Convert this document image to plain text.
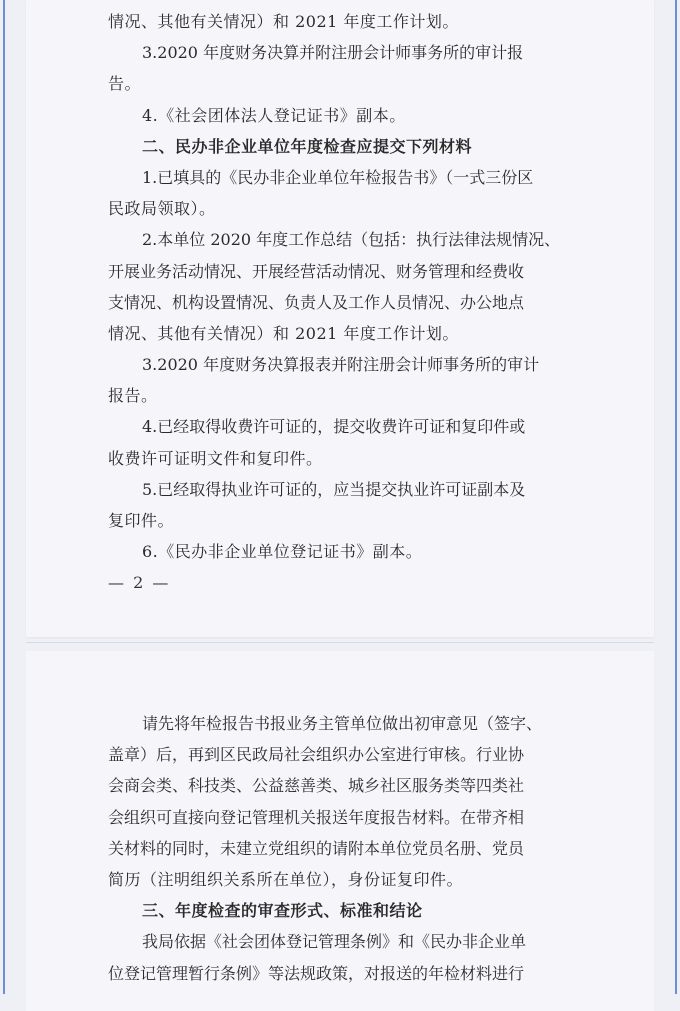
情况、其他有关情况）和 2021 年度工作计划。
3.2020 年度财务决算并附注册会计师事务所的审计报
告。
4.《社会团体法人登记证书》副本。
二、民办非企业单位年度检查应提交下列材料
1.已填具的《民办非企业单位年检报告书》（一式三份区
民政局领取）。
2.本单位 2020 年度工作总结（包括：执行法律法规情况、
开展业务活动情况、开展经营活动情况、财务管理和经费收
支情况、机构设置情况、负责人及工作人员情况、办公地点
情况、其他有关情况）和 2021 年度工作计划。
3.2020 年度财务决算报表并附注册会计师事务所的审计
报告。
4.已经取得收费许可证的，提交收费许可证和复印件或
收费许可证明文件和复印件。
5.已经取得执业许可证的，应当提交执业许可证副本及
复印件。
6.《民办非企业单位登记证书》副本。
— 2 —
请先将年检报告书报业务主管单位做出初审意见（签字、
盖章）后，再到区民政局社会组织办公室进行审核。行业协
会商会类、科技类、公益慈善类、城乡社区服务类等四类社
会组织可直接向登记管理机关报送年度报告材料。在带齐相
关材料的同时，未建立党组织的请附本单位党员名册、党员
简历（注明组织关系所在单位），身份证复印件。
三、年度检查的审查形式、标准和结论
我局依据《社会团体登记管理条例》和《民办非企业单
位登记管理暂行条例》等法规政策，对报送的年检材料进行
